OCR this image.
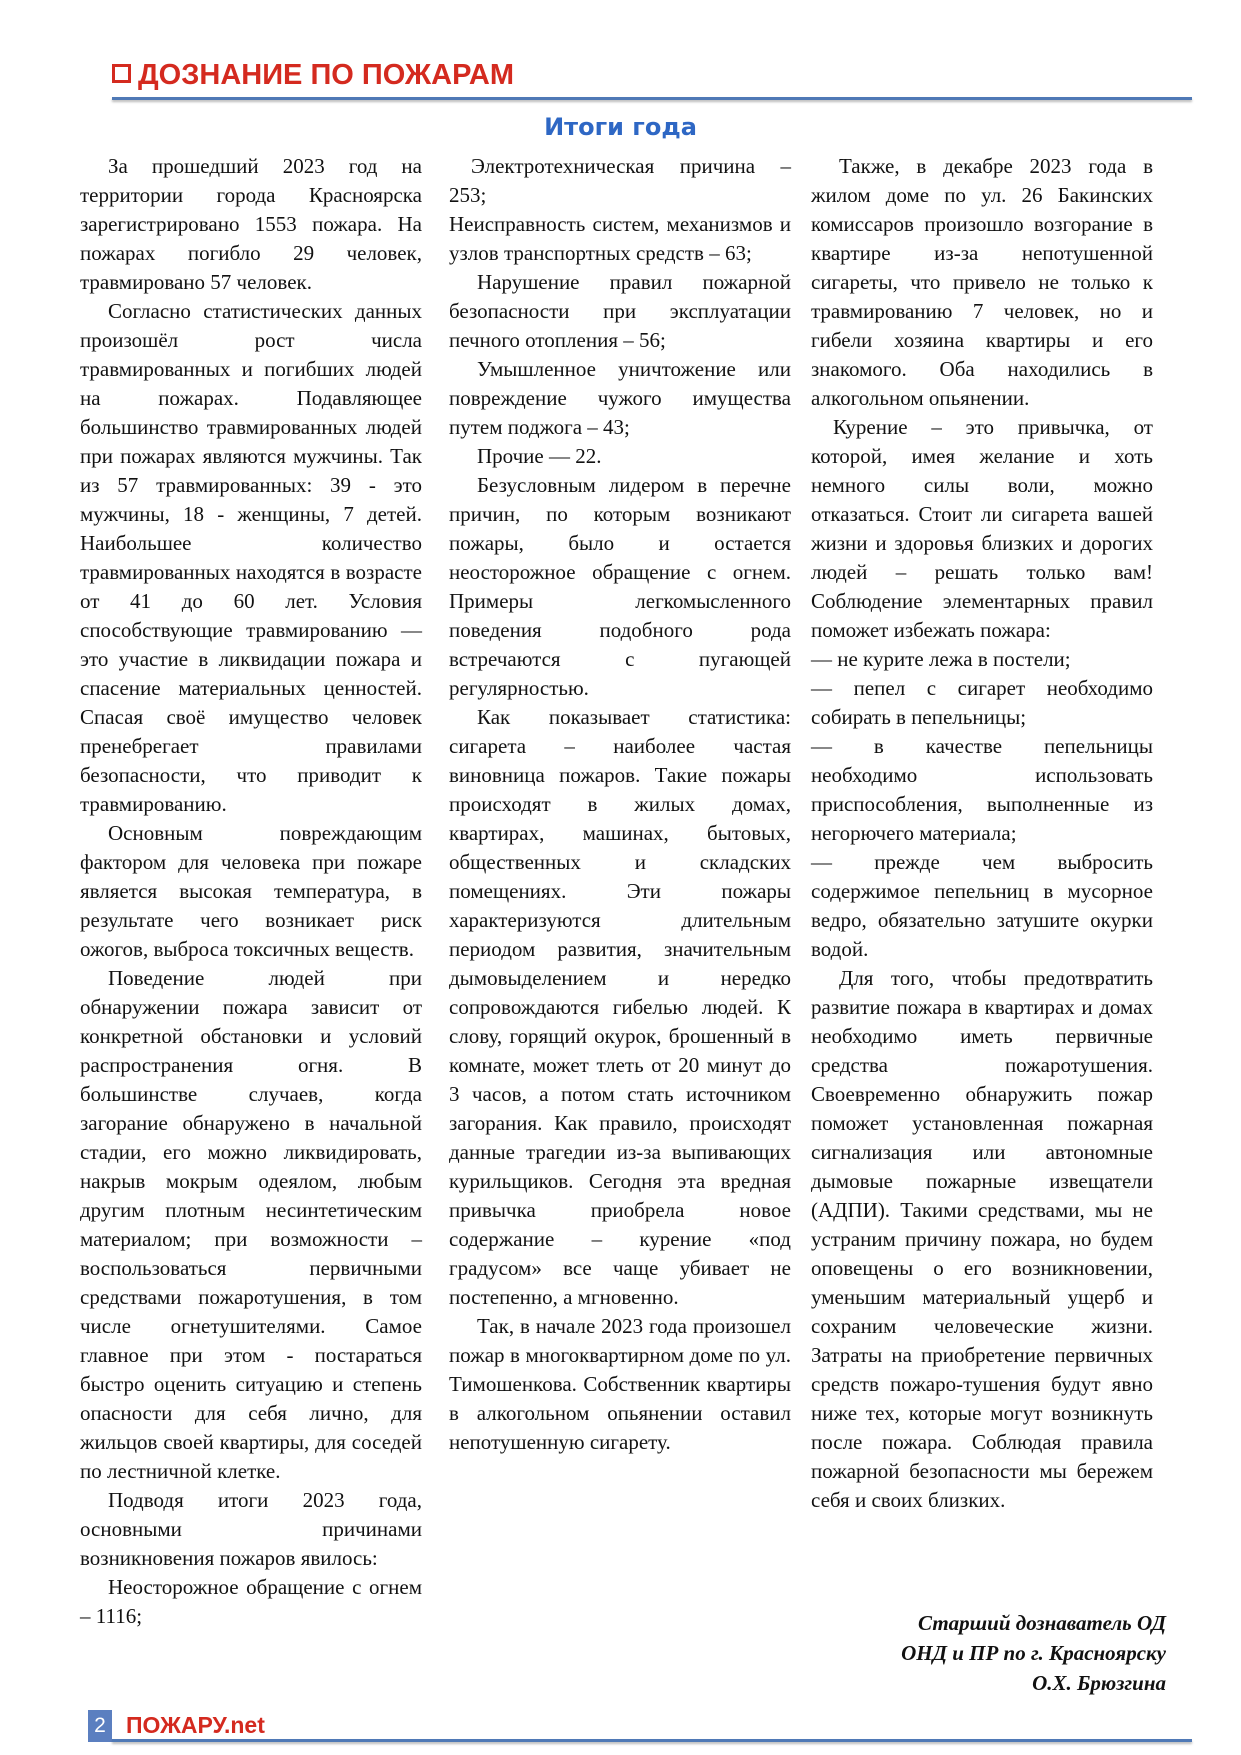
ДОЗНАНИЕ ПО ПОЖАРАМ
Итоги года

За прошедший 2023 год на территории города Красноярска зарегистрировано 1553 пожара. На пожарах погибло 29 человек, травмировано 57 человек.

Согласно статистических данных произошёл рост числа травмированных и погибших людей на пожарах. Подавляющее большинство травмированных людей при пожарах являются мужчины. Так из 57 травмированных: 39 - это мужчины, 18 - женщины, 7 детей. Наибольшее количество травмированных находятся в возрасте от 41 до 60 лет. Условия способствующие травмированию — это участие в ликвидации пожара и спасение материальных ценностей. Спасая своё имущество человек пренебрегает правилами безопасности, что приводит к травмированию.

Основным повреждающим фактором для человека при пожаре является высокая температура, в результате чего возникает риск ожогов, выброса токсичных веществ.

Поведение людей при обнаружении пожара зависит от конкретной обстановки и условий распространения огня. В большинстве случаев, когда загорание обнаружено в начальной стадии, его можно ликвидировать, накрыв мокрым одеялом, любым другим плотным несинтетическим материалом; при возможности – воспользоваться первичными средствами пожаротушения, в том числе огнетушителями. Самое главное при этом - постараться быстро оценить ситуацию и степень опасности для себя лично, для жильцов своей квартиры, для соседей по лестничной клетке.

Подводя итоги 2023 года, основными причинами возникновения пожаров явилось:

Неосторожное обращение с огнем – 1116;

Электротехническая причина – 253;

Неисправность систем, механизмов и узлов транспортных средств – 63;

Нарушение правил пожарной безопасности при эксплуатации печного отопления – 56;

Умышленное уничтожение или повреждение чужого имущества путем поджога – 43;

Прочие — 22.

Безусловным лидером в перечне причин, по которым возникают пожары, было и остается неосторожное обращение с огнем. Примеры легкомысленного поведения подобного рода встречаются с пугающей регулярностью.

Как показывает статистика: сигарета – наиболее частая виновница пожаров. Такие пожары происходят в жилых домах, квартирах, машинах, бытовых, общественных и складских помещениях. Эти пожары характеризуются длительным периодом развития, значительным дымовыделением и нередко сопровождаются гибелью людей. К слову, горящий окурок, брошенный в комнате, может тлеть от 20 минут до 3 часов, а потом стать источником загорания. Как правило, происходят данные трагедии из-за выпивающих курильщиков. Сегодня эта вредная привычка приобрела новое содержание – курение «под градусом» все чаще убивает не постепенно, а мгновенно.

Так, в начале 2023 года произошел пожар в многоквартирном доме по ул. Тимошенкова. Собственник квартиры в алкогольном опьянении оставил непотушенную сигарету.

Также, в декабре 2023 года в жилом доме по ул. 26 Бакинских комиссаров произошло возгорание в квартире из-за непотушенной сигареты, что привело не только к травмированию 7 человек, но и гибели хозяина квартиры и его знакомого. Оба находились в алкогольном опьянении.

Курение – это привычка, от которой, имея желание и хоть немного силы воли, можно отказаться. Стоит ли сигарета вашей жизни и здоровья близких и дорогих людей – решать только вам! Соблюдение элементарных правил поможет избежать пожара:

— не курите лежа в постели;

— пепел с сигарет необходимо собирать в пепельницы;

— в качестве пепельницы необходимо использовать приспособления, выполненные из негорючего материала;

— прежде чем выбросить содержимое пепельниц в мусорное ведро, обязательно затушите окурки водой.

Для того, чтобы предотвратить развитие пожара в квартирах и домах необходимо иметь первичные средства пожаротушения. Своевременно обнаружить пожар поможет установленная пожарная сигнализация или автономные дымовые пожарные извещатели (АДПИ). Такими средствами, мы не устраним причину пожара, но будем оповещены о его возникновении, уменьшим материальный ущерб и сохраним человеческие жизни. Затраты на приобретение первичных средств пожаро-тушения будут явно ниже тех, которые могут возникнуть после пожара. Соблюдая правила пожарной безопасности мы бережем себя и своих близких.

Старший дознаватель ОД
ОНД и ПР по г. Красноярску
О.Х. Брюзгина
2 ПОЖАРУ.net
